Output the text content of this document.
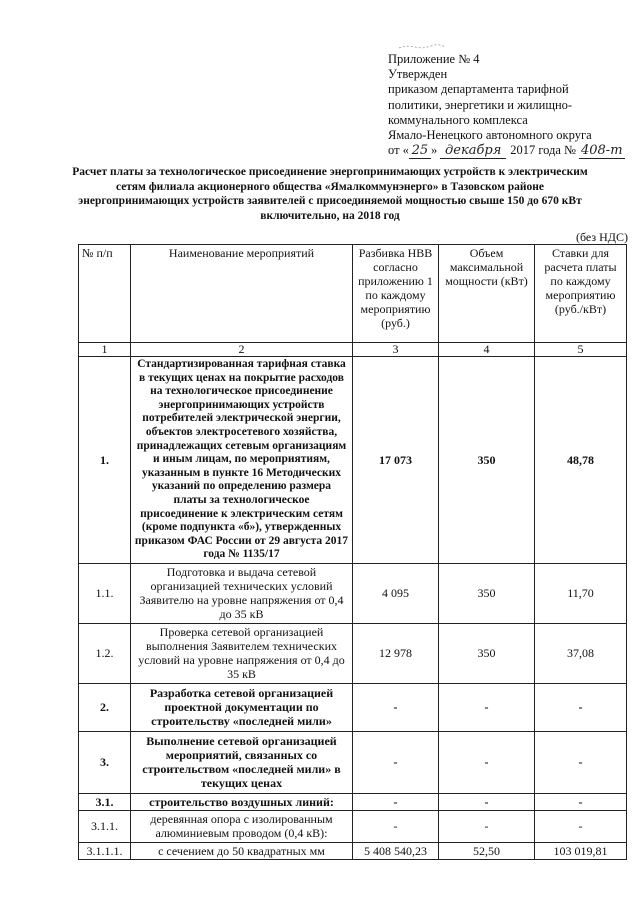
Приложение № 4
Утвержден
приказом департамента тарифной
политики, энергетики и жилищно-
коммунального комплекса
Ямало-Ненецкого автономного округа
от « 25 » декабря 2017 года № 408-т
Расчет платы за технологическое присоединение энергопринимающих устройств к электрическим сетям филиала акционерного общества «Ямалкоммунэнерго» в Тазовском районе энергопринимающих устройств заявителей с присоединяемой мощностью свыше 150 до 670 кВт включительно, на 2018 год
(без НДС)
№ п/п	Наименование мероприятий	Разбивка НВВ согласно приложению 1 по каждому мероприятию (руб.)	Объем максимальной мощности (кВт)	Ставки для расчета платы по каждому мероприятию (руб./кВт)
1	2	3	4	5
1.	Стандартизированная тарифная ставка в текущих ценах на покрытие расходов на технологическое присоединение энергопринимающих устройств потребителей электрической энергии, объектов электросетевого хозяйства, принадлежащих сетевым организациям и иным лицам, по мероприятиям, указанным в пункте 16 Методических указаний по определению размера платы за технологическое присоединение к электрическим сетям (кроме подпункта «б»), утвержденных приказом ФАС России от 29 августа 2017 года № 1135/17	17 073	350	48,78
1.1.	Подготовка и выдача сетевой организацией технических условий Заявителю на уровне напряжения от 0,4 до 35 кВ	4 095	350	11,70
1.2.	Проверка сетевой организацией выполнения Заявителем технических условий на уровне напряжения от 0,4 до 35 кВ	12 978	350	37,08
2.	Разработка сетевой организацией проектной документации по строительству «последней мили»	-	-	-
3.	Выполнение сетевой организацией мероприятий, связанных со строительством «последней мили» в текущих ценах	-	-	-
3.1.	строительство воздушных линий:	-	-	-
3.1.1.	деревянная опора с изолированным алюминиевым проводом (0,4 кВ):	-	-	-
3.1.1.1.	с сечением до 50 квадратных мм	5 408 540,23	52,50	103 019,81
